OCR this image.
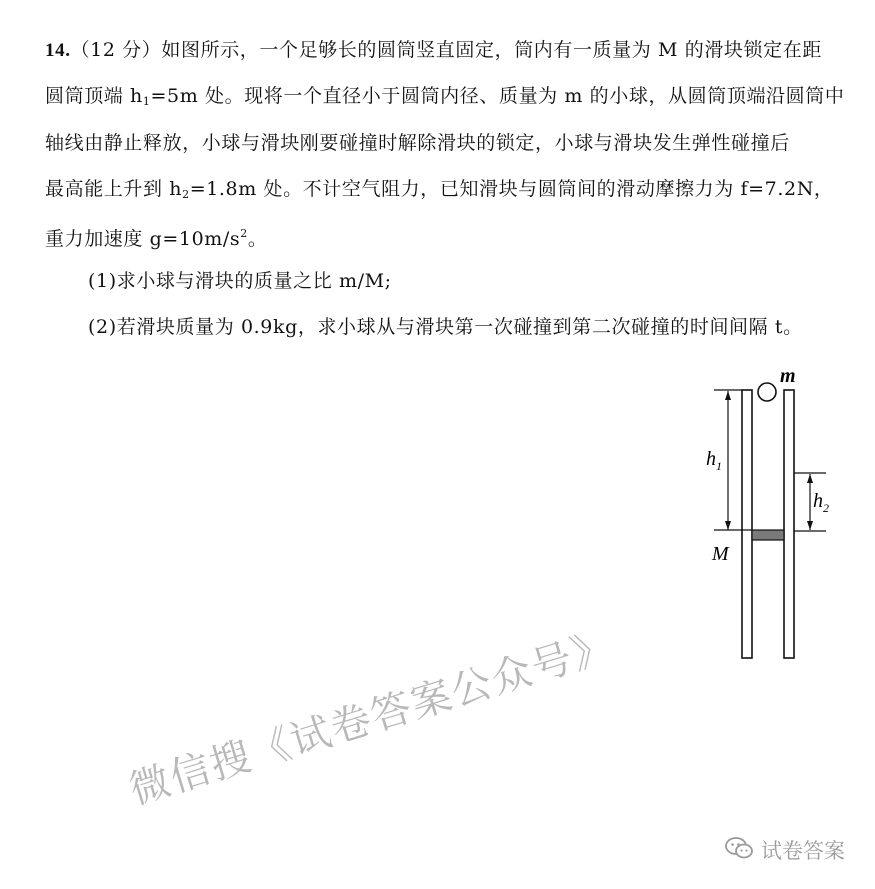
14.（12 分）如图所示，一个足够长的圆筒竖直固定，筒内有一质量为 M 的滑块锁定在距
圆筒顶端 $h_1=5m$ 处。现将一个直径小于圆筒内径、质量为 m 的小球，从圆筒顶端沿圆筒中
轴线由静止释放，小球与滑块刚要碰撞时解除滑块的锁定，小球与滑块发生弹性碰撞后
最高能上升到 $h_2=1.8m$ 处。不计空气阻力，已知滑块与圆筒间的滑动摩擦力为 f=7.2N，
重力加速度 $g=10m/s^2$。
(1)求小球与滑块的质量之比 m/M;
(2)若滑块质量为 0.9kg，求小球从与滑块第一次碰撞到第二次碰撞的时间间隔 t。
m
$h_1$
$h_2$
M
微信搜《试卷答案公众号》
试卷答案
